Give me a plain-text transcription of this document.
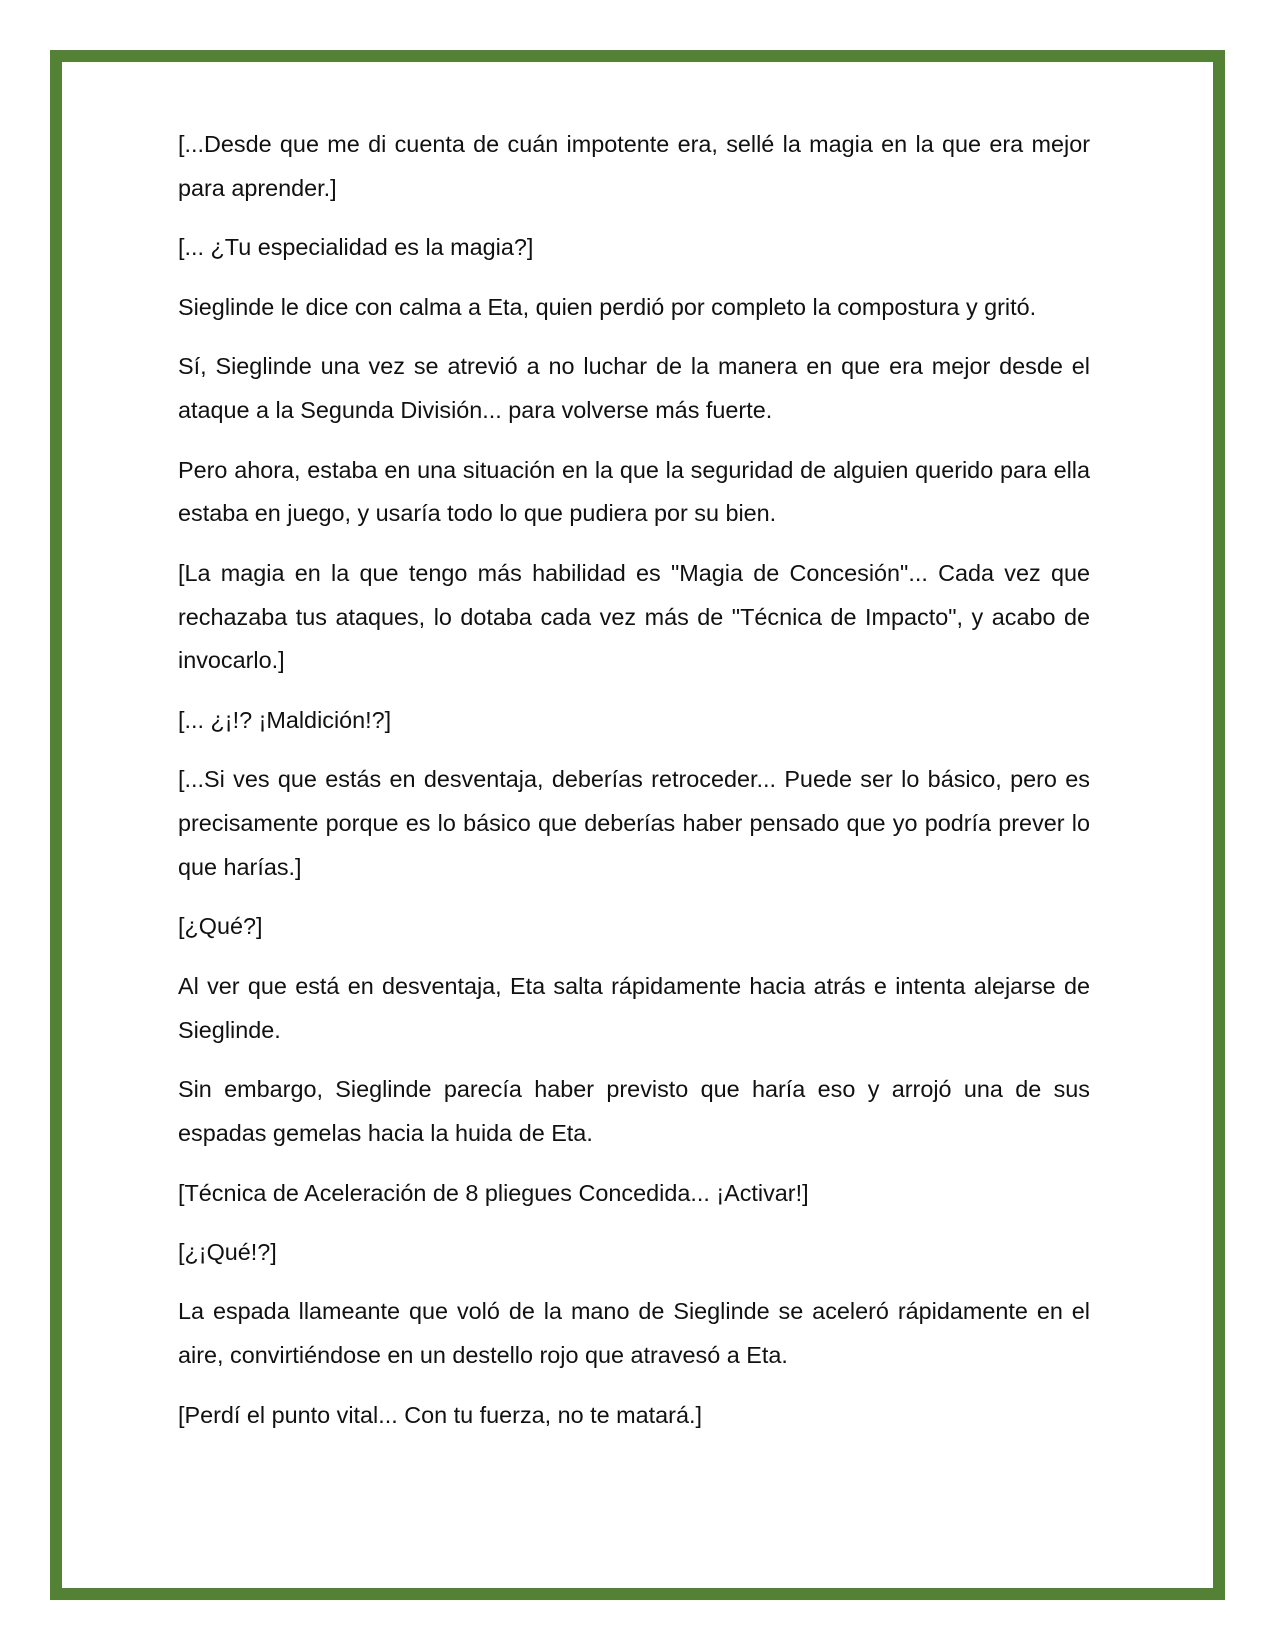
[...Desde que me di cuenta de cuán impotente era, sellé la magia en la que era mejor para aprender.]

[... ¿Tu especialidad es la magia?]

Sieglinde le dice con calma a Eta, quien perdió por completo la compostura y gritó.

Sí, Sieglinde una vez se atrevió a no luchar de la manera en que era mejor desde el ataque a la Segunda División... para volverse más fuerte.

Pero ahora, estaba en una situación en la que la seguridad de alguien querido para ella estaba en juego, y usaría todo lo que pudiera por su bien.

[La magia en la que tengo más habilidad es "Magia de Concesión"... Cada vez que rechazaba tus ataques, lo dotaba cada vez más de "Técnica de Impacto", y acabo de invocarlo.]

[... ¿¡!? ¡Maldición!?]

[...Si ves que estás en desventaja, deberías retroceder... Puede ser lo básico, pero es precisamente porque es lo básico que deberías haber pensado que yo podría prever lo que harías.]

[¿Qué?]

Al ver que está en desventaja, Eta salta rápidamente hacia atrás e intenta alejarse de Sieglinde.

Sin embargo, Sieglinde parecía haber previsto que haría eso y arrojó una de sus espadas gemelas hacia la huida de Eta.

[Técnica de Aceleración de 8 pliegues Concedida... ¡Activar!]

[¿¡Qué!?]

La espada llameante que voló de la mano de Sieglinde se aceleró rápidamente en el aire, convirtiéndose en un destello rojo que atravesó a Eta.

[Perdí el punto vital... Con tu fuerza, no te matará.]
